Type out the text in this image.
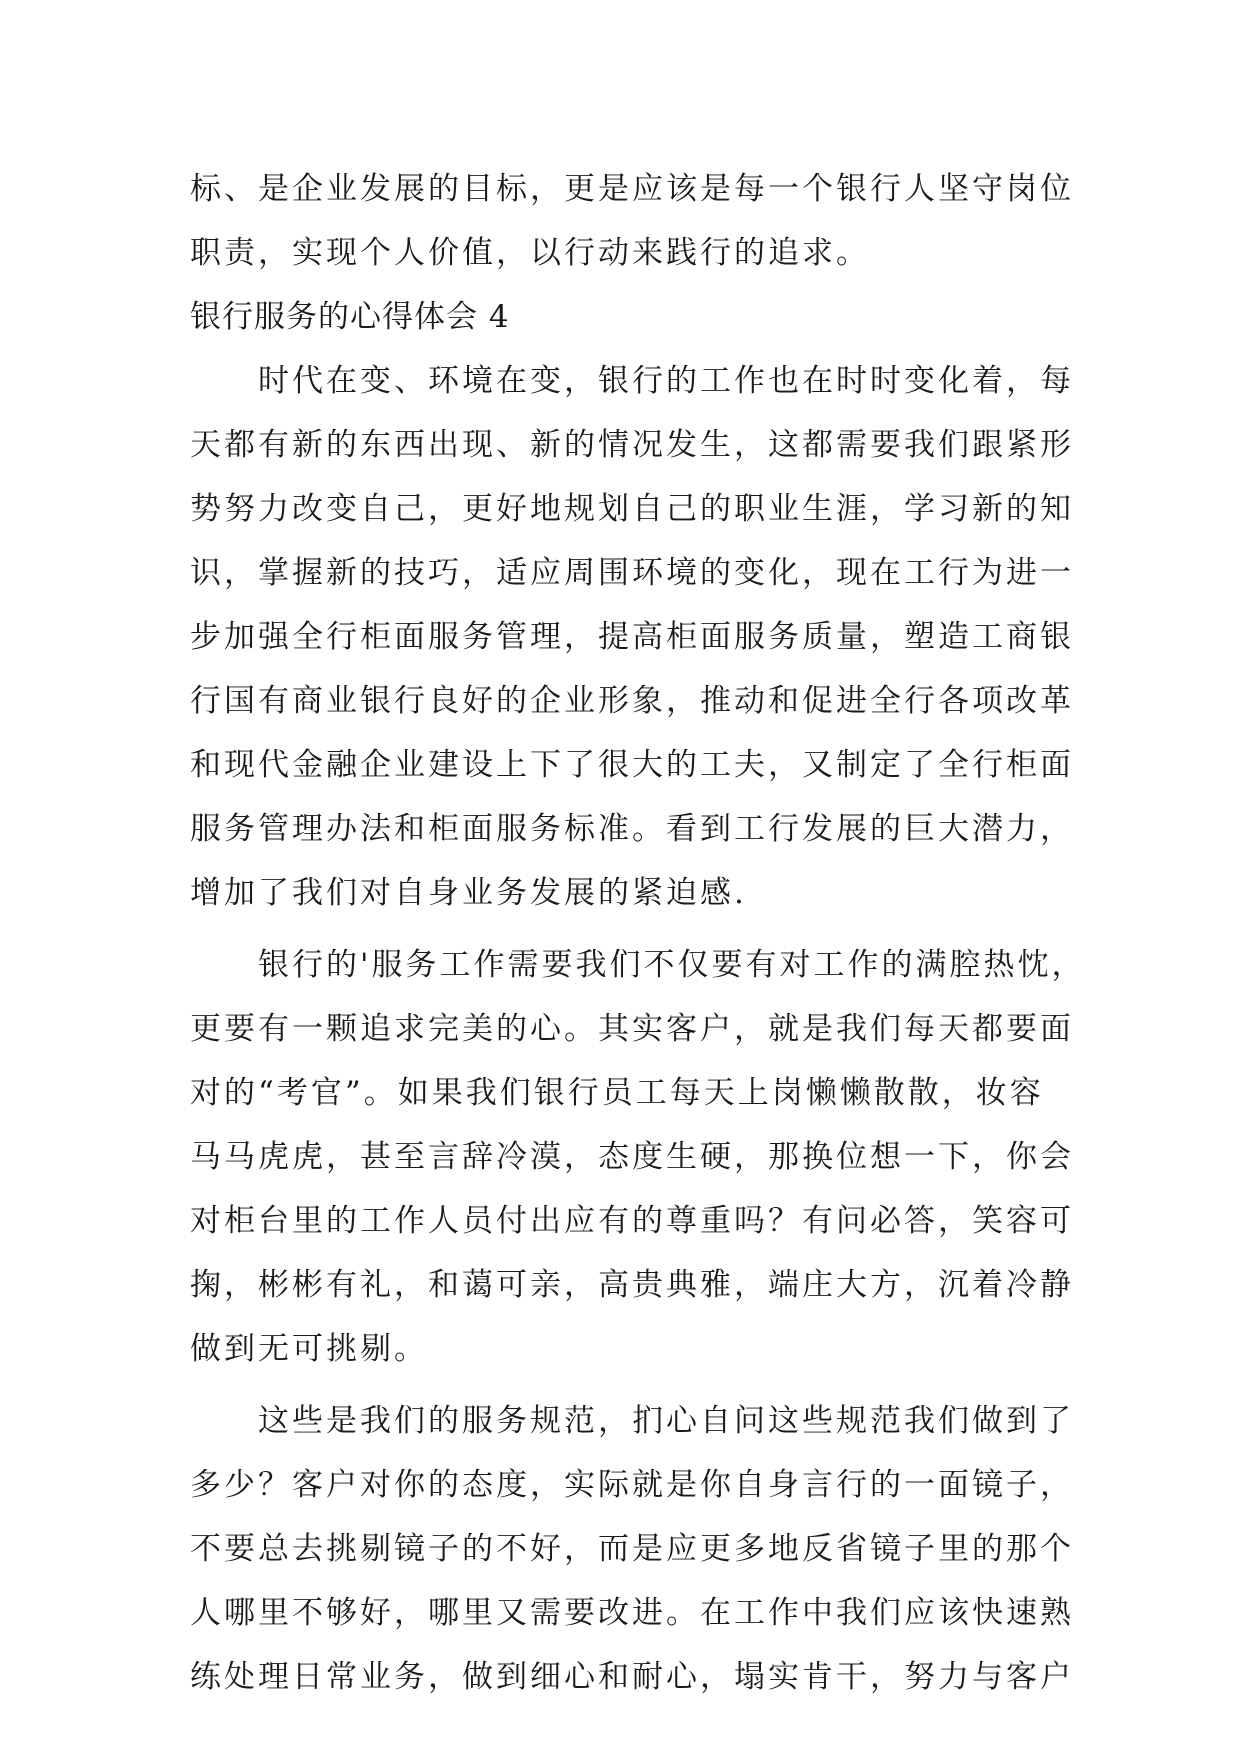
标、是企业发展的目标，更是应该是每一个银行人坚守岗位
职责，实现个人价值，以行动来践行的追求。
银行服务的心得体会 4
　　时代在变、环境在变，银行的工作也在时时变化着，每
天都有新的东西出现、新的情况发生，这都需要我们跟紧形
势努力改变自己，更好地规划自己的职业生涯，学习新的知
识，掌握新的技巧，适应周围环境的变化，现在工行为进一
步加强全行柜面服务管理，提高柜面服务质量，塑造工商银
行国有商业银行良好的企业形象，推动和促进全行各项改革
和现代金融企业建设上下了很大的工夫，又制定了全行柜面
服务管理办法和柜面服务标准。看到工行发展的巨大潜力，
增加了我们对自身业务发展的紧迫感.
　　银行的'服务工作需要我们不仅要有对工作的满腔热忱，
更要有一颗追求完美的心。其实客户，就是我们每天都要面
对的“考官”。如果我们银行员工每天上岗懒懒散散，妆容
马马虎虎，甚至言辞冷漠，态度生硬，那换位想一下，你会
对柜台里的工作人员付出应有的尊重吗？有问必答，笑容可
掬，彬彬有礼，和蔼可亲，高贵典雅，端庄大方，沉着冷静
做到无可挑剔。
　　这些是我们的服务规范，扪心自问这些规范我们做到了
多少？客户对你的态度，实际就是你自身言行的一面镜子，
不要总去挑剔镜子的不好，而是应更多地反省镜子里的那个
人哪里不够好，哪里又需要改进。在工作中我们应该快速熟
练处理日常业务，做到细心和耐心，塌实肯干，努力与客户
